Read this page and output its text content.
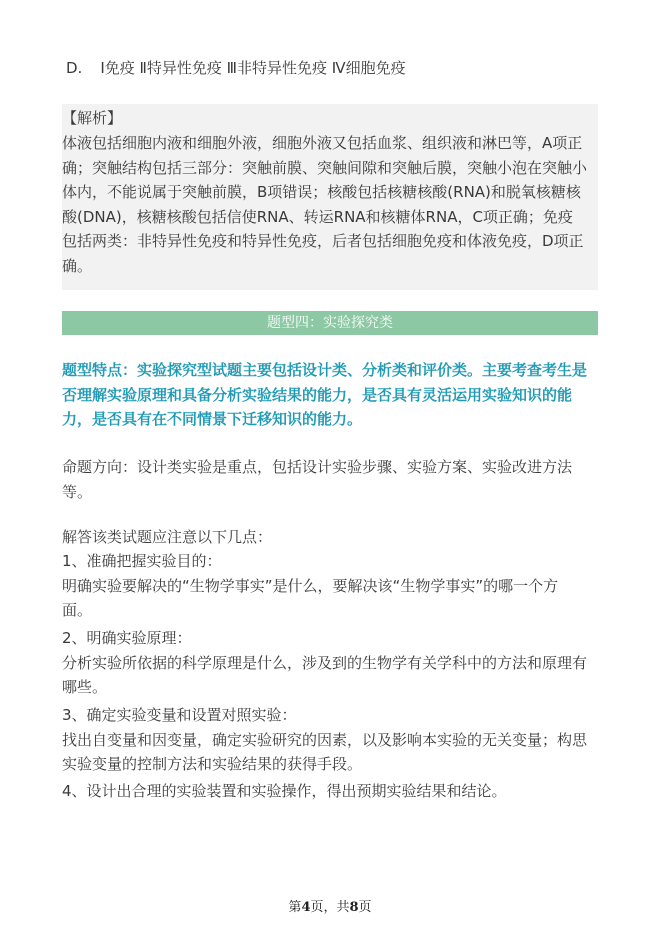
D. Ⅰ免疫 Ⅱ特异性免疫 Ⅲ非特异性免疫 Ⅳ细胞免疫
【解析】
体液包括细胞内液和细胞外液，细胞外液又包括血浆、组织液和淋巴等，A项正
确；突触结构包括三部分：突触前膜、突触间隙和突触后膜，突触小泡在突触小
体内，不能说属于突触前膜，B项错误；核酸包括核糖核酸(RNA)和脱氧核糖核
酸(DNA)，核糖核酸包括信使RNA、转运RNA和核糖体RNA，C项正确；免疫
包括两类：非特异性免疫和特异性免疫，后者包括细胞免疫和体液免疫，D项正
确。
题型四：实验探究类
题型特点：实验探究型试题主要包括设计类、分析类和评价类。主要考查考生是
否理解实验原理和具备分析实验结果的能力，是否具有灵活运用实验知识的能
力，是否具有在不同情景下迁移知识的能力。
命题方向：设计类实验是重点，包括设计实验步骤、实验方案、实验改进方法
等。
解答该类试题应注意以下几点：
1、准确把握实验目的：
明确实验要解决的“生物学事实”是什么，要解决该“生物学事实”的哪一个方
面。
2、明确实验原理：
分析实验所依据的科学原理是什么，涉及到的生物学有关学科中的方法和原理有
哪些。
3、确定实验变量和设置对照实验：
找出自变量和因变量，确定实验研究的因素，以及影响本实验的无关变量；构思
实验变量的控制方法和实验结果的获得手段。
4、设计出合理的实验装置和实验操作，得出预期实验结果和结论。
第4页，共8页
